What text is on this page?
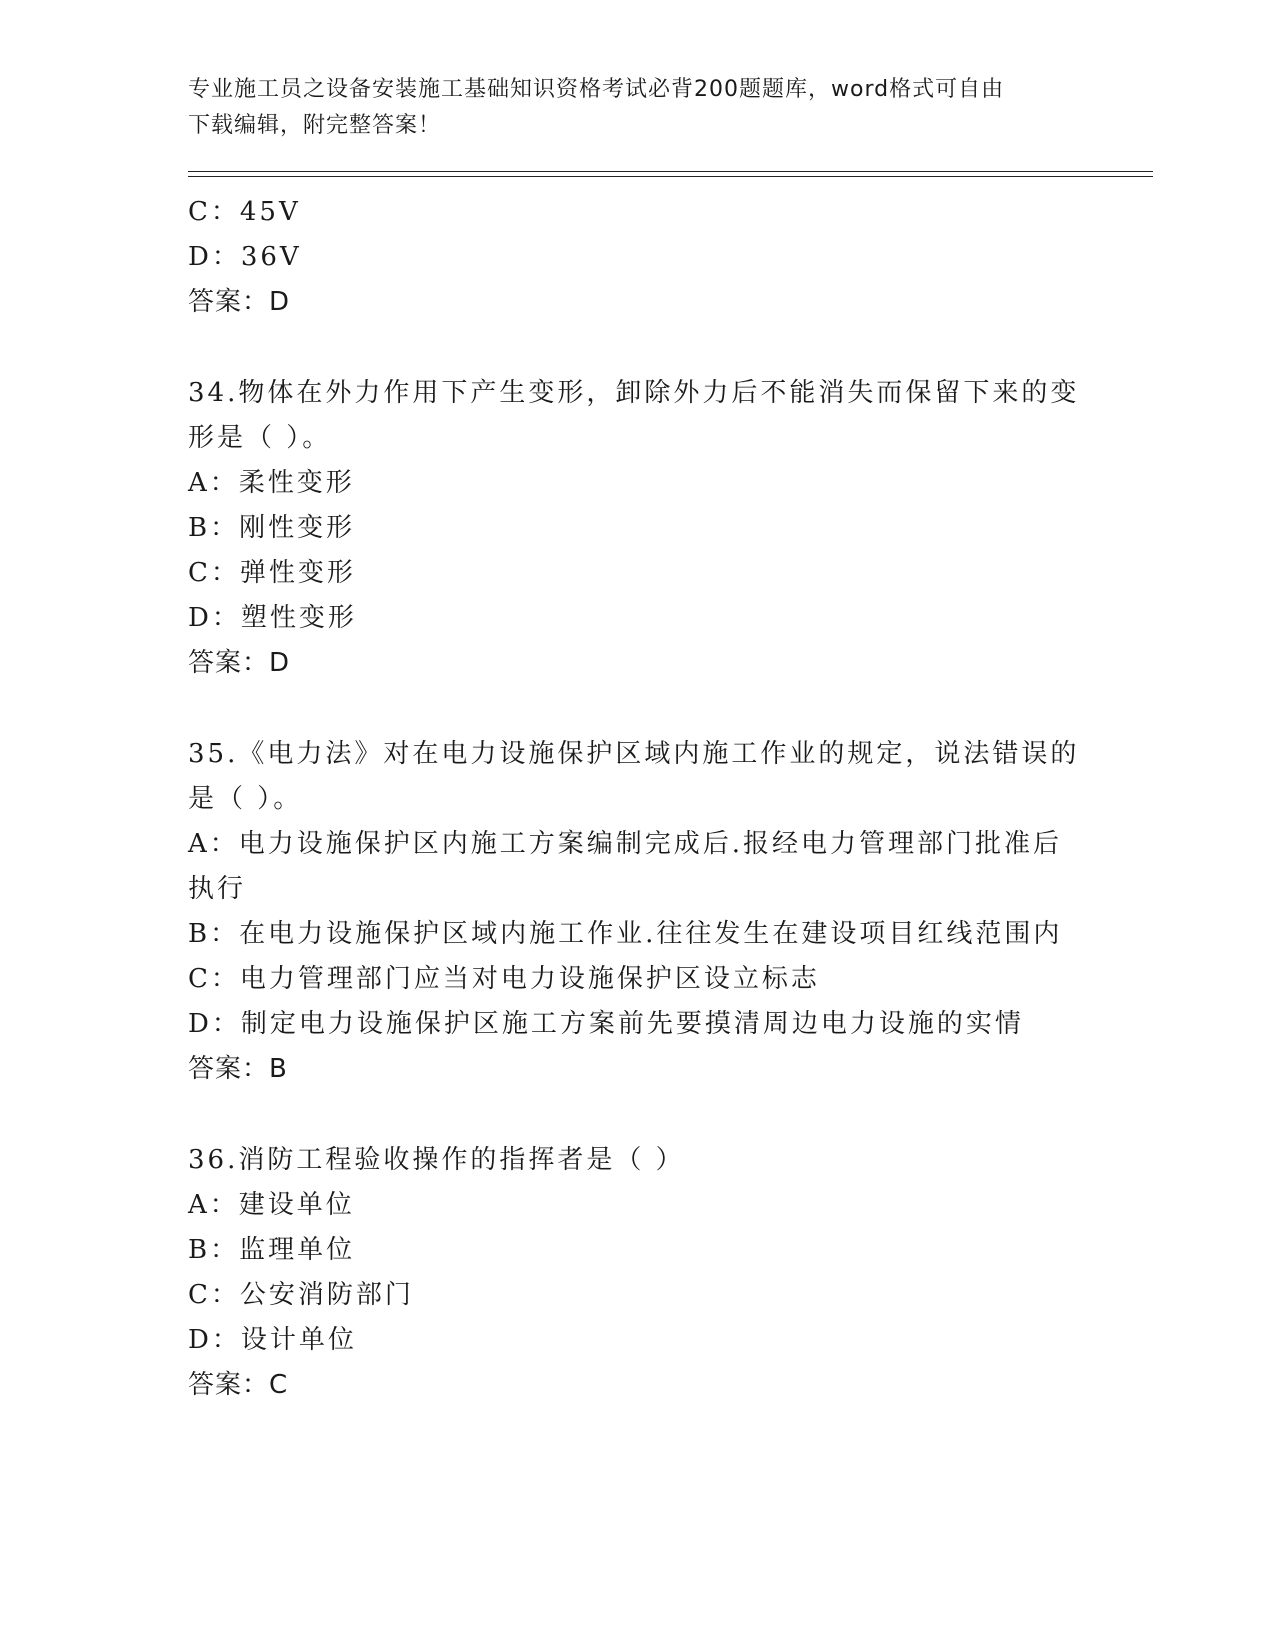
专业施工员之设备安装施工基础知识资格考试必背200题题库，word格式可自由
下载编辑，附完整答案！
C：45V
D：36V
答案：D
34.物体在外力作用下产生变形，卸除外力后不能消失而保留下来的变
形是（ ）。
A：柔性变形
B：刚性变形
C：弹性变形
D：塑性变形
答案：D
35.《电力法》对在电力设施保护区域内施工作业的规定，说法错误的
是（ ）。
A：电力设施保护区内施工方案编制完成后.报经电力管理部门批准后
执行
B：在电力设施保护区域内施工作业.往往发生在建设项目红线范围内
C：电力管理部门应当对电力设施保护区设立标志
D：制定电力设施保护区施工方案前先要摸清周边电力设施的实情
答案：B
36.消防工程验收操作的指挥者是（ ）
A：建设单位
B：监理单位
C：公安消防部门
D：设计单位
答案：C
